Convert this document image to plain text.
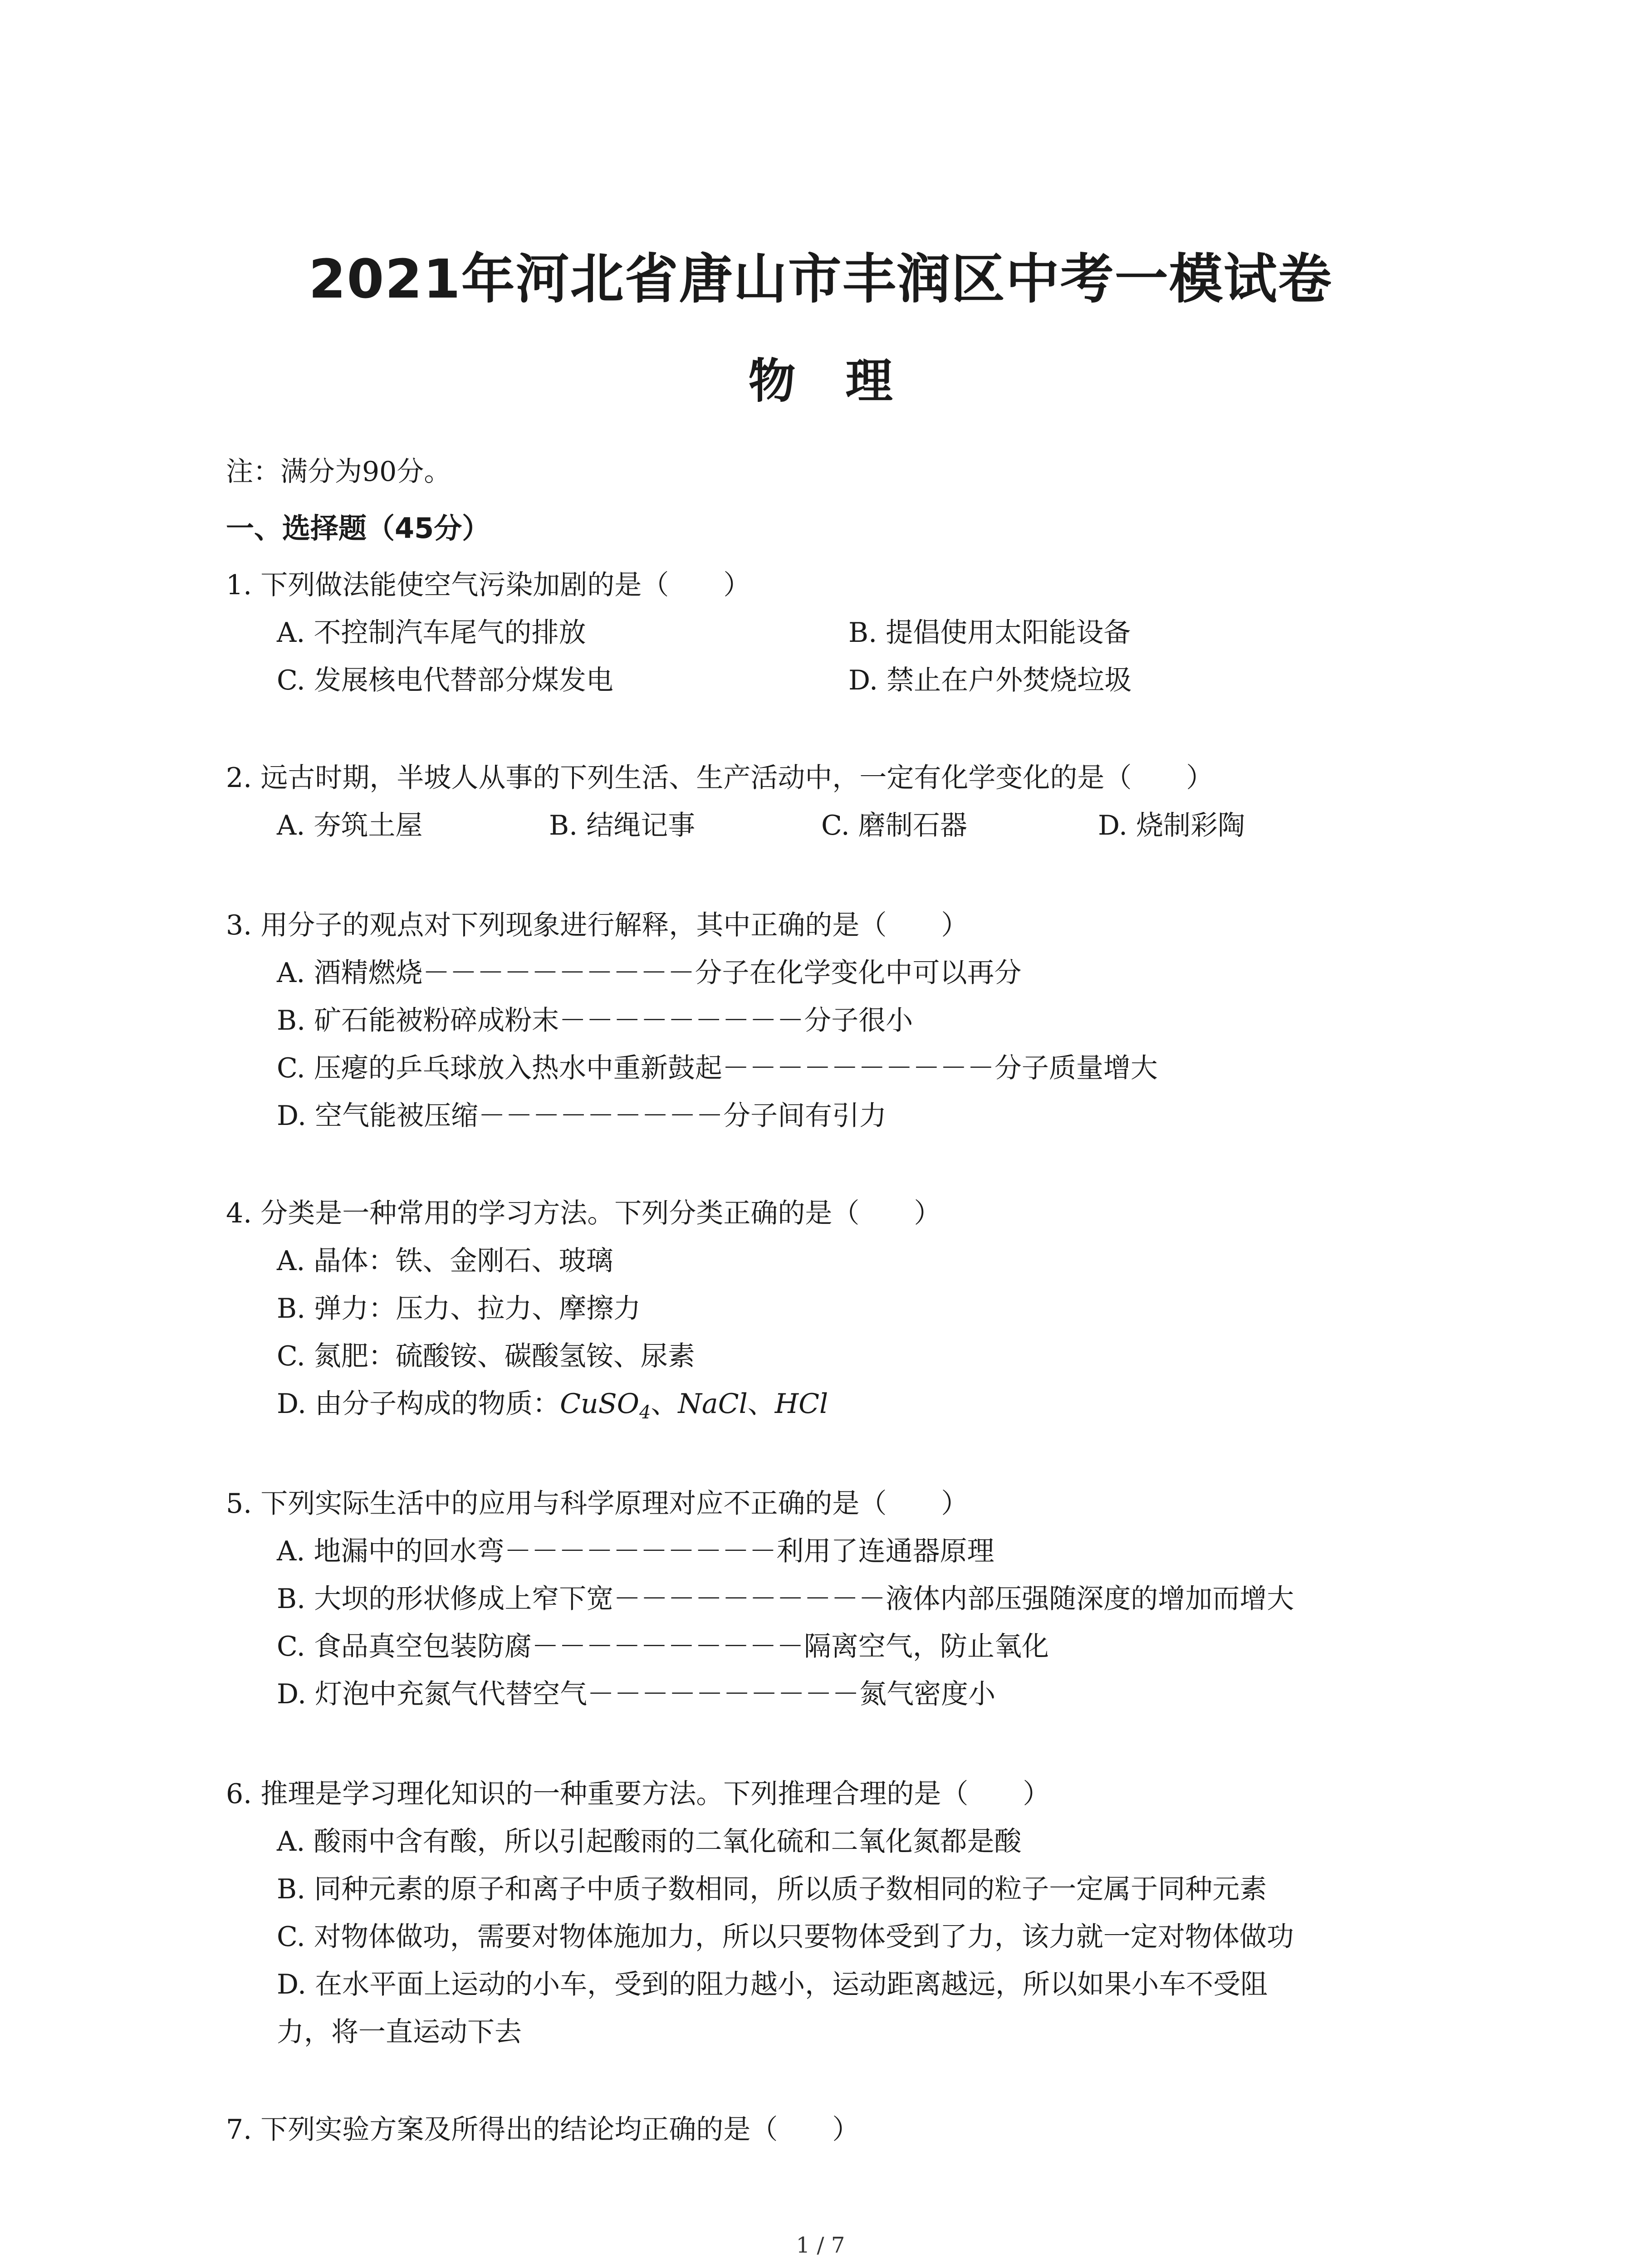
2021年河北省唐山市丰润区中考一模试卷
物理
注：满分为90分。
一、选择题（45分）
1. 下列做法能使空气污染加剧的是（　　）
A. 不控制汽车尾气的排放	B. 提倡使用太阳能设备
C. 发展核电代替部分煤发电	D. 禁止在户外焚烧垃圾
2. 远古时期，半坡人从事的下列生活、生产活动中，一定有化学变化的是（　　）
A. 夯筑土屋	B. 结绳记事	C. 磨制石器	D. 烧制彩陶
3. 用分子的观点对下列现象进行解释，其中正确的是（　　）
A. 酒精燃烧－－－－－－－－－－分子在化学变化中可以再分
B. 矿石能被粉碎成粉末－－－－－－－－－分子很小
C. 压瘪的乒乓球放入热水中重新鼓起－－－－－－－－－－分子质量增大
D. 空气能被压缩－－－－－－－－－分子间有引力
4. 分类是一种常用的学习方法。下列分类正确的是（　　）
A. 晶体：铁、金刚石、玻璃
B. 弹力：压力、拉力、摩擦力
C. 氮肥：硫酸铵、碳酸氢铵、尿素
D. 由分子构成的物质：CuSO$_4$、NaCl、HCl
5. 下列实际生活中的应用与科学原理对应不正确的是（　　）
A. 地漏中的回水弯－－－－－－－－－－利用了连通器原理
B. 大坝的形状修成上窄下宽－－－－－－－－－－液体内部压强随深度的增加而增大
C. 食品真空包装防腐－－－－－－－－－－隔离空气，防止氧化
D. 灯泡中充氮气代替空气－－－－－－－－－－氮气密度小
6. 推理是学习理化知识的一种重要方法。下列推理合理的是（　　）
A. 酸雨中含有酸，所以引起酸雨的二氧化硫和二氧化氮都是酸
B. 同种元素的原子和离子中质子数相同，所以质子数相同的粒子一定属于同种元素
C. 对物体做功，需要对物体施加力，所以只要物体受到了力，该力就一定对物体做功
D. 在水平面上运动的小车，受到的阻力越小，运动距离越远，所以如果小车不受阻
力，将一直运动下去
7. 下列实验方案及所得出的结论均正确的是（　　）
1 / 7
